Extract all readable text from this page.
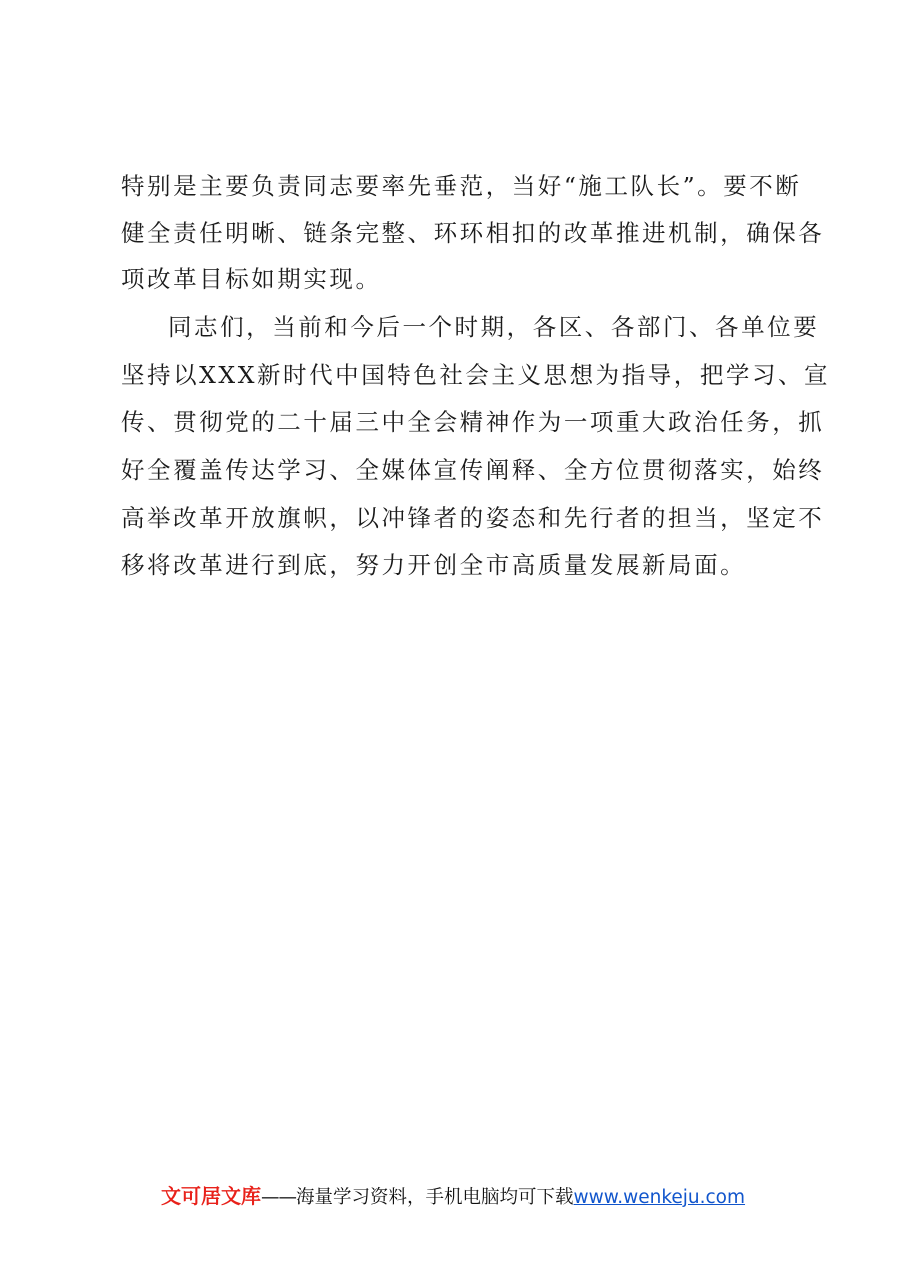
特别是主要负责同志要率先垂范，当好“施工队长”。要不断
健全责任明晰、链条完整、环环相扣的改革推进机制，确保各
项改革目标如期实现。
同志们，当前和今后一个时期，各区、各部门、各单位要
坚持以XXX新时代中国特色社会主义思想为指导，把学习、宣
传、贯彻党的二十届三中全会精神作为一项重大政治任务，抓
好全覆盖传达学习、全媒体宣传阐释、全方位贯彻落实，始终
高举改革开放旗帜，以冲锋者的姿态和先行者的担当，坚定不
移将改革进行到底，努力开创全市高质量发展新局面。
文可居文库——海量学习资料，手机电脑均可下载www.wenkeju.com
